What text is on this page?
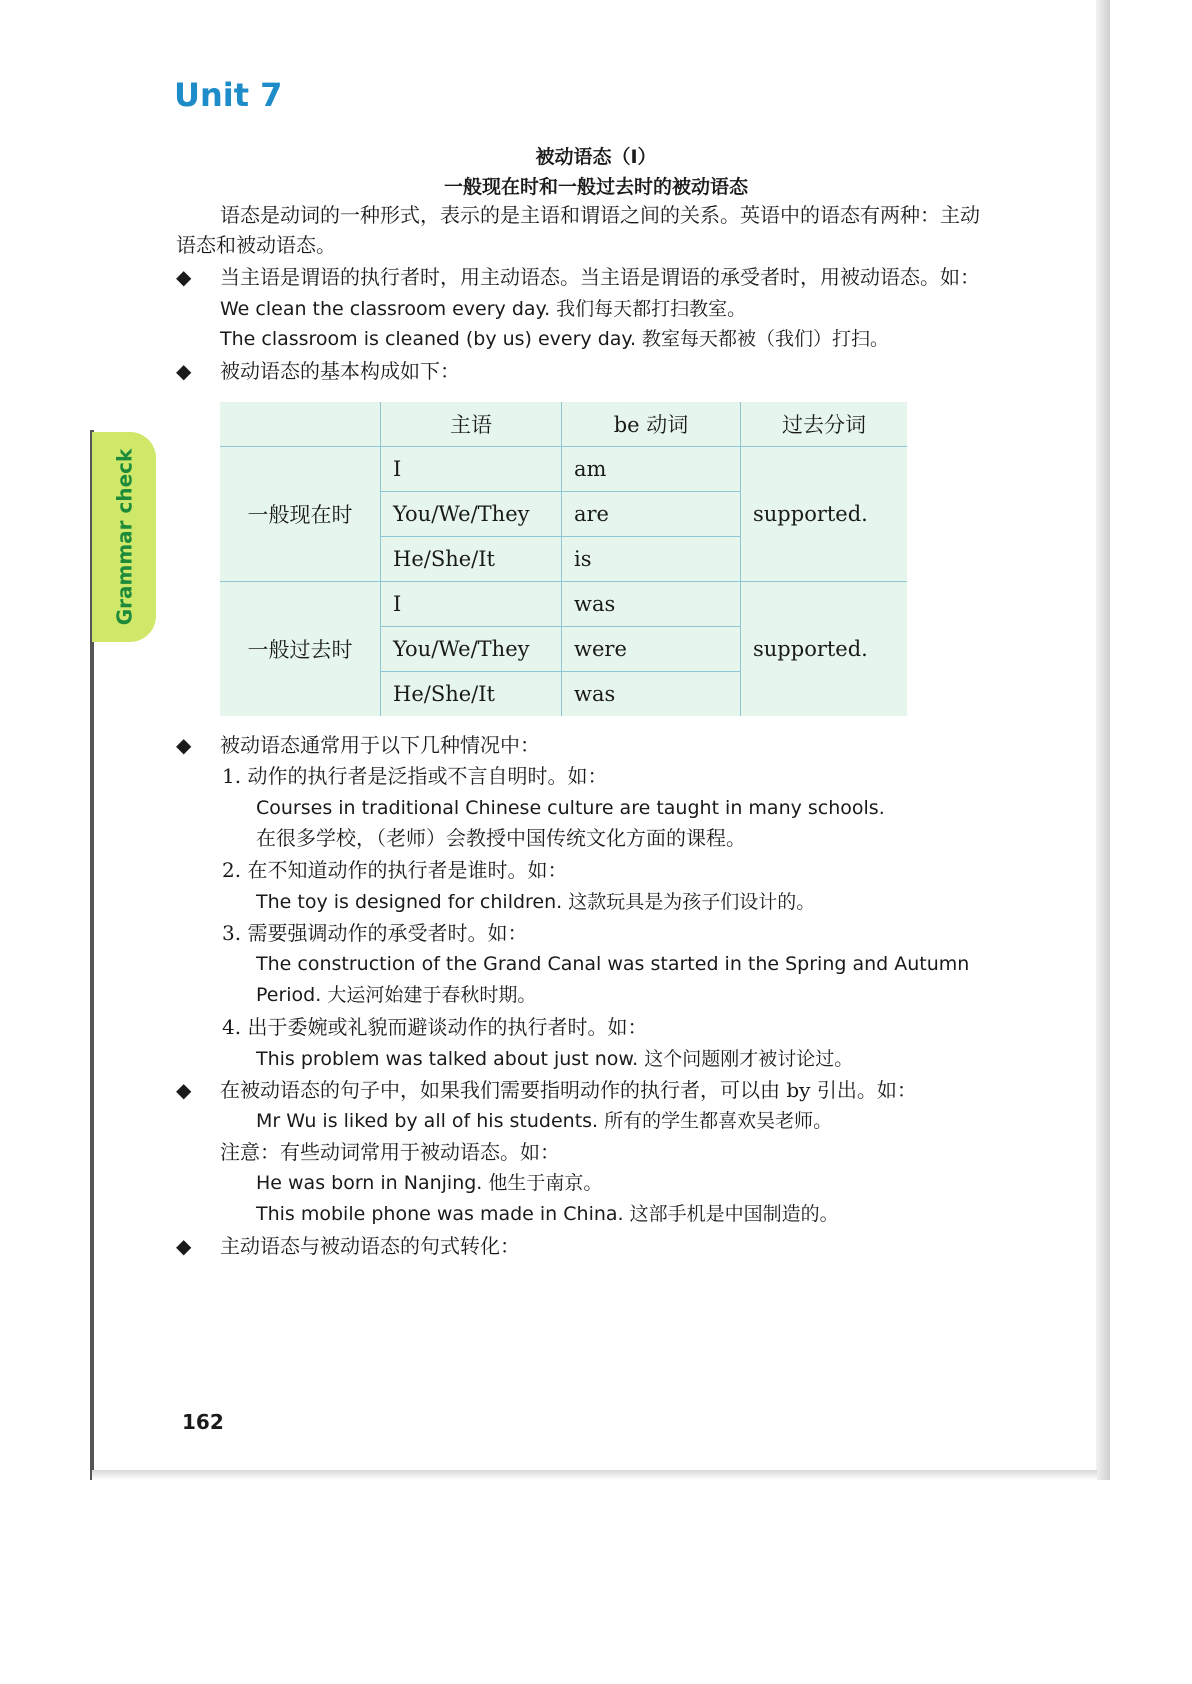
Unit 7
Grammar check
被动语态（Ⅰ）
一般现在时和一般过去时的被动语态
语态是动词的一种形式，表示的是主语和谓语之间的关系。英语中的语态有两种：主动
语态和被动语态。
◆ 当主语是谓语的执行者时，用主动语态。当主语是谓语的承受者时，用被动语态。如：
We clean the classroom every day. 我们每天都打扫教室。
The classroom is cleaned (by us) every day. 教室每天都被（我们）打扫。
◆ 被动语态的基本构成如下：
	主语	be 动词	过去分词
一般现在时	I	am	supported.
	You/We/They	are	
	He/She/It	is	
一般过去时	I	was	supported.
	You/We/They	were	
	He/She/It	was	
◆ 被动语态通常用于以下几种情况中：
1. 动作的执行者是泛指或不言自明时。如：
Courses in traditional Chinese culture are taught in many schools.
在很多学校，（老师）会教授中国传统文化方面的课程。
2. 在不知道动作的执行者是谁时。如：
The toy is designed for children. 这款玩具是为孩子们设计的。
3. 需要强调动作的承受者时。如：
The construction of the Grand Canal was started in the Spring and Autumn
Period. 大运河始建于春秋时期。
4. 出于委婉或礼貌而避谈动作的执行者时。如：
This problem was talked about just now. 这个问题刚才被讨论过。
◆ 在被动语态的句子中，如果我们需要指明动作的执行者，可以由 by 引出。如：
Mr Wu is liked by all of his students. 所有的学生都喜欢吴老师。
注意：有些动词常用于被动语态。如：
He was born in Nanjing. 他生于南京。
This mobile phone was made in China. 这部手机是中国制造的。
◆ 主动语态与被动语态的句式转化：
162
